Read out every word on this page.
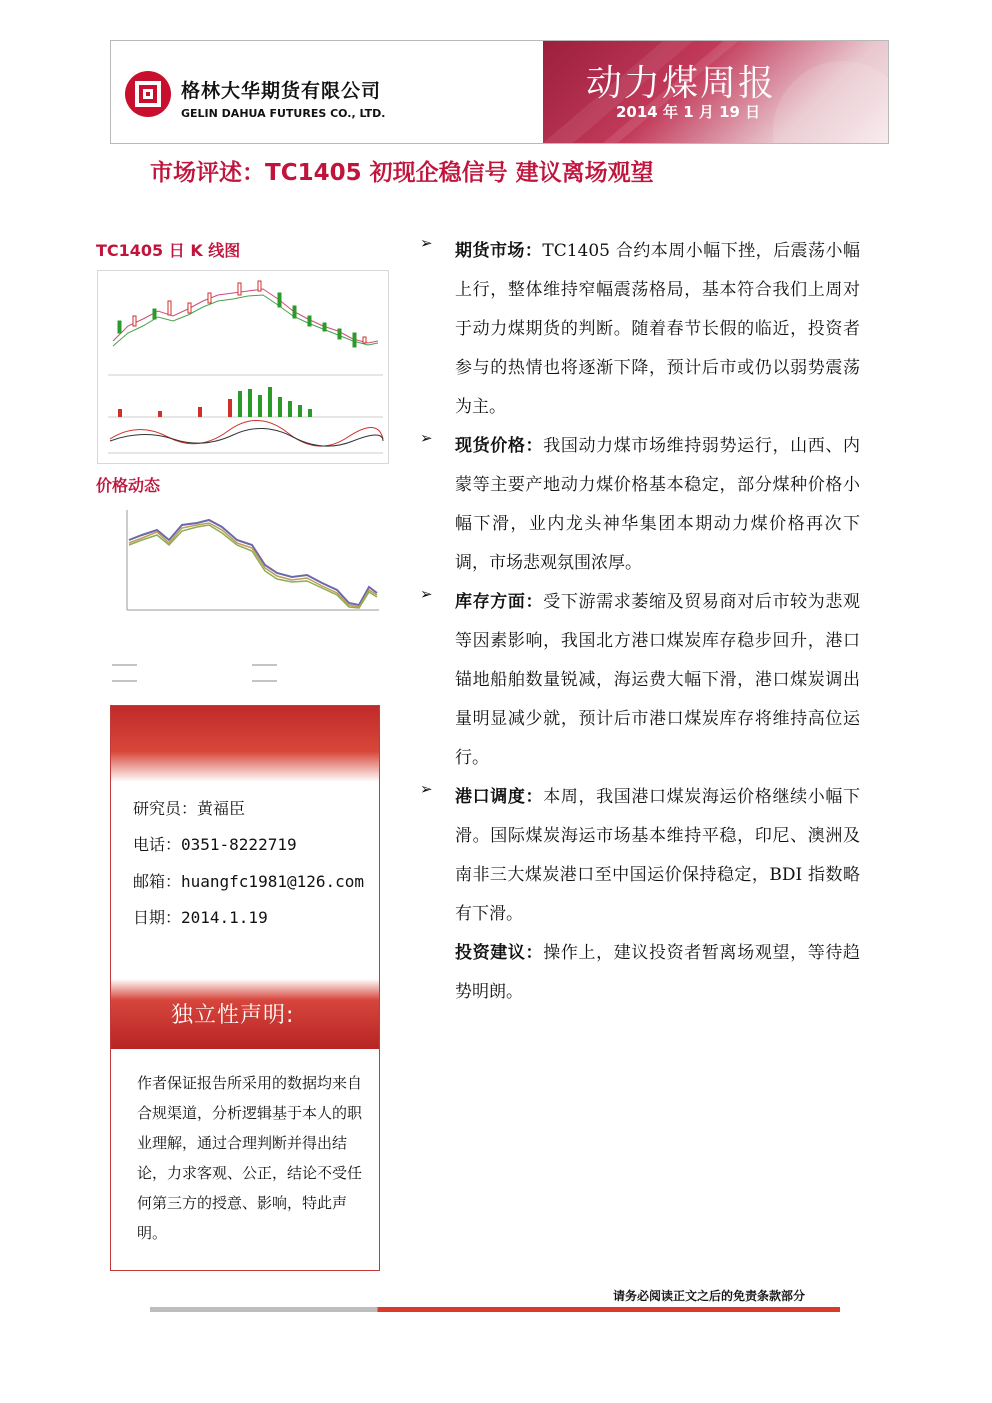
格林大华期货有限公司
GELIN DAHUA FUTURES CO., LTD.
动力煤周报
2014 年 1 月 19 日
市场评述：TC1405 初现企稳信号 建议离场观望
TC1405 日 K 线图
价格动态
研究员：黄福臣
电话：0351-8222719
邮箱：huangfc1981@126.com
日期：2014.1.19
独立性声明:
作者保证报告所采用的数据均来自合规渠道，分析逻辑基于本人的职业理解，通过合理判断并得出结论，力求客观、公正，结论不受任何第三方的授意、影响，特此声明。
➢ 期货市场：TC1405 合约本周小幅下挫，后震荡小幅上行，整体维持窄幅震荡格局，基本符合我们上周对于动力煤期货的判断。随着春节长假的临近，投资者参与的热情也将逐渐下降，预计后市或仍以弱势震荡为主。
➢ 现货价格：我国动力煤市场维持弱势运行，山西、内蒙等主要产地动力煤价格基本稳定，部分煤种价格小幅下滑，业内龙头神华集团本期动力煤价格再次下调，市场悲观氛围浓厚。
➢ 库存方面：受下游需求萎缩及贸易商对后市较为悲观等因素影响，我国北方港口煤炭库存稳步回升，港口锚地船舶数量锐减，海运费大幅下滑，港口煤炭调出量明显减少就，预计后市港口煤炭库存将维持高位运行。
➢ 港口调度：本周，我国港口煤炭海运价格继续小幅下滑。国际煤炭海运市场基本维持平稳，印尼、澳洲及南非三大煤炭港口至中国运价保持稳定，BDI 指数略有下滑。
投资建议：操作上，建议投资者暂离场观望，等待趋势明朗。
请务必阅读正文之后的免责条款部分
